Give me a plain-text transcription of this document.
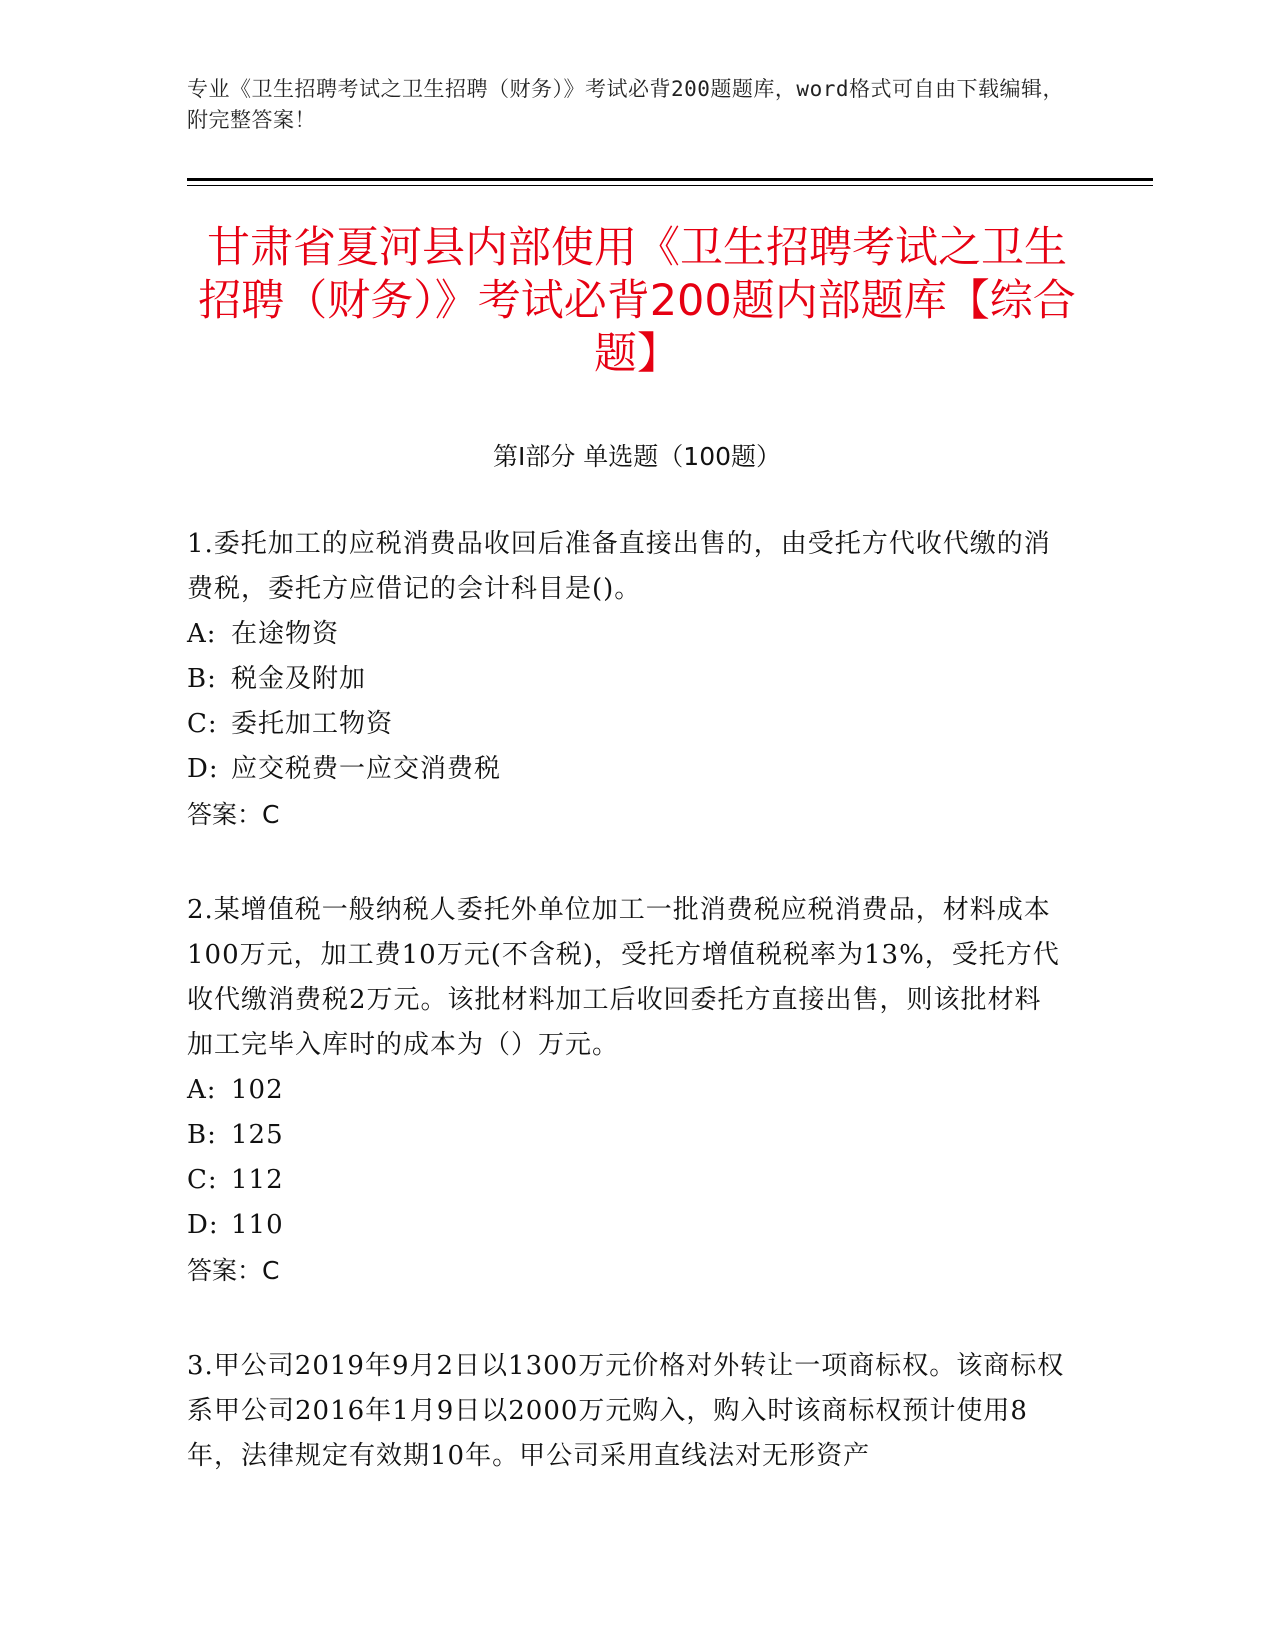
专业《卫生招聘考试之卫生招聘（财务）》考试必背200题题库，word格式可自由下载编辑，附完整答案！
甘肃省夏河县内部使用《卫生招聘考试之卫生招聘（财务）》考试必背200题内部题库【综合题】
第Ⅰ部分 单选题（100题）

1.委托加工的应税消费品收回后准备直接出售的，由受托方代收代缴的消费税，委托方应借记的会计科目是()。

A: 在途物资

B: 税金及附加

C: 委托加工物资

D: 应交税费一应交消费税

答案：C

2.某增值税一般纳税人委托外单位加工一批消费税应税消费品，材料成本100万元，加工费10万元(不含税)，受托方增值税税率为13%，受托方代收代缴消费税2万元。该批材料加工后收回委托方直接出售，则该批材料加工完毕入库时的成本为（）万元。

A: 102

B: 125

C: 112

D: 110

答案：C

3.甲公司2019年9月2日以1300万元价格对外转让一项商标权。该商标权系甲公司2016年1月9日以2000万元购入，购入时该商标权预计使用8年，法律规定有效期10年。甲公司采用直线法对无形资产
